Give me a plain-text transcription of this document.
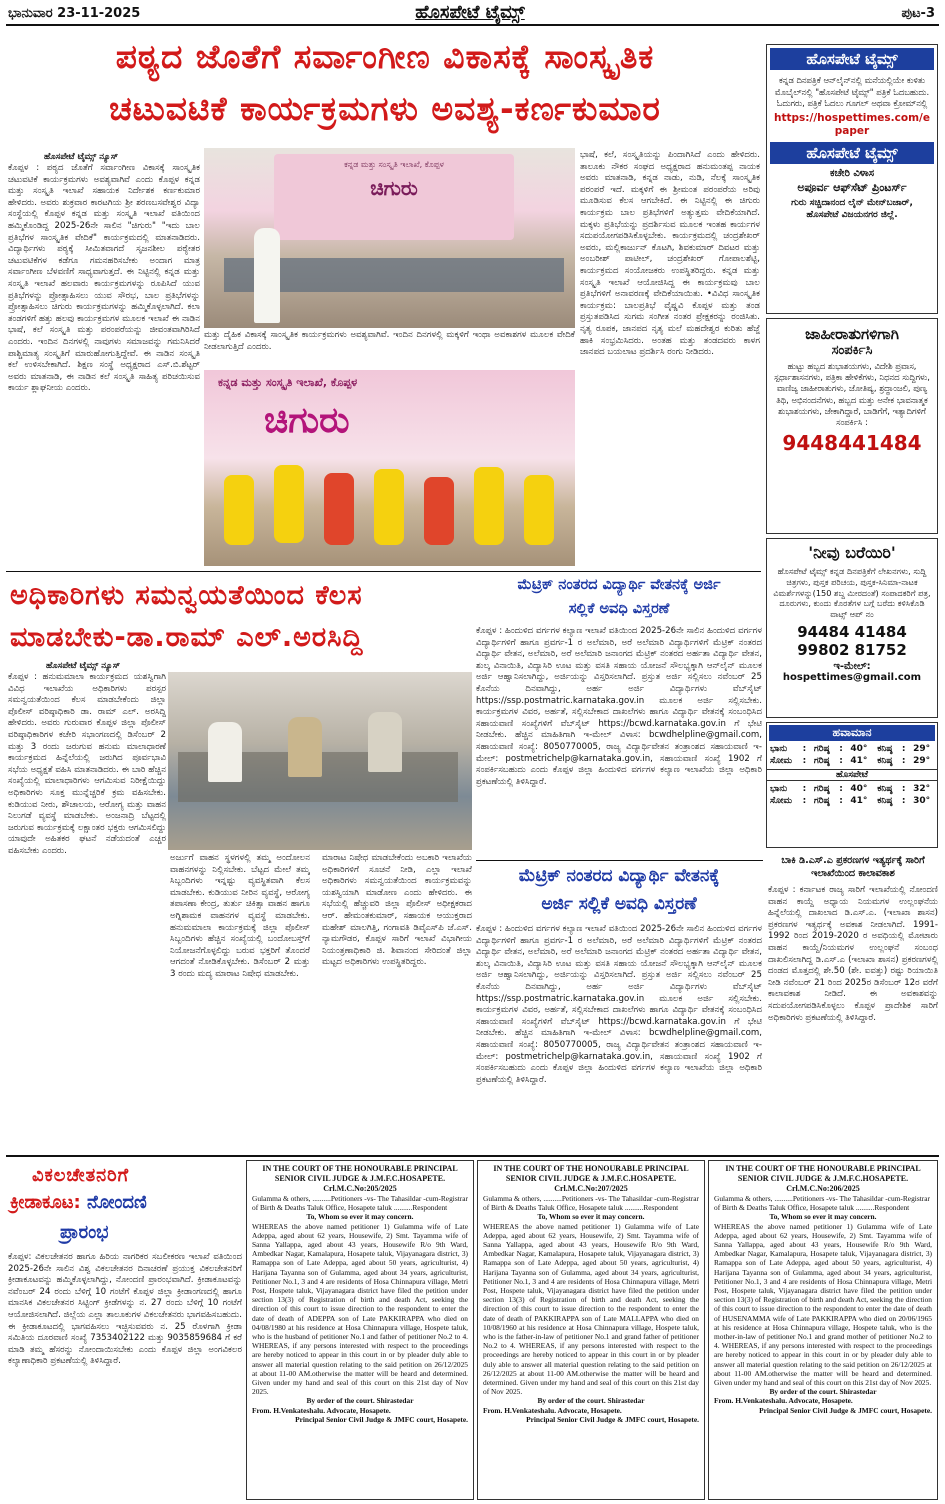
ಭಾನುವಾರ 23-11-2025	ಹೊಸಪೇಟೆ ಟೈಮ್ಸ್	ಪುಟ-3
ಪಠ್ಯದ ಜೊತೆಗೆ ಸರ್ವಾಂಗೀಣ ವಿಕಾಸಕ್ಕೆ ಸಾಂಸ್ಕೃತಿಕ
ಚಟುವಟಿಕೆ ಕಾರ್ಯಕ್ರಮಗಳು ಅವಶ್ಯ-ಕರ್ಣಕುಮಾರ
ಹೊಸಪೇಟೆ ಟೈಮ್ಸ್ ನ್ಯೂಸ್
ಕೊಪ್ಪಳ : ಪಠ್ಯದ ಜೊತೆಗೆ ಸರ್ವಾಂಗೀಣ ವಿಕಾಸಕ್ಕೆ ಸಾಂಸ್ಕೃತಿಕ ಚಟುವಟಿಕೆ ಕಾರ್ಯಕ್ರಮಗಳು ಅವಶ್ಯವಾಗಿವೆ ಎಂದು ಕೊಪ್ಪಳ ಕನ್ನಡ ಮತ್ತು ಸಂಸ್ಕೃತಿ ಇಲಾಖೆ ಸಹಾಯಕ ನಿರ್ದೇಶಕ ಕರ್ಣಕುಮಾರ ಹೇಳಿದರು. ಅವರು ಶುಕ್ರವಾರ ಕಾರಟಗಿಯ ಶ್ರೀ ಶರಣಬಸವೇಶ್ವರ ವಿದ್ಯಾ ಸಂಸ್ಥೆಯಲ್ಲಿ ಕೊಪ್ಪಳ ಕನ್ನಡ ಮತ್ತು ಸಂಸ್ಕೃತಿ ಇಲಾಖೆ ವತಿಯಿಂದ ಹಮ್ಮಿಕೊಂಡಿದ್ದ 2025-26ನೇ ಸಾಲಿನ "ಚಿಗುರು" "ಇದು ಬಾಲ ಪ್ರತಿಭೆಗಳ ಸಾಂಸ್ಕೃತಿಕ ವೇದಿಕೆ" ಕಾರ್ಯಕ್ರಮದಲ್ಲಿ ಮಾತನಾಡಿದರು. ವಿದ್ಯಾರ್ಥಿಗಳು ಪಠ್ಯಕ್ಕೆ ಸೀಮಿತವಾಗದೆ ಸೃಜನಶೀಲ ಪಠ್ಯೇತರ ಚಟುವಟಿಕೆಗಳ ಕಡೆಗೂ ಗಮನಹರಿಸಬೇಕು ಅಂದಾಗ ಮಾತ್ರ ಸರ್ವಾಂಗೀಣ ಬೆಳವಣಿಗೆ ಸಾಧ್ಯವಾಗುತ್ತದೆ. ಈ ನಿಟ್ಟಿನಲ್ಲಿ ಕನ್ನಡ ಮತ್ತು ಸಂಸ್ಕೃತಿ ಇಲಾಖೆ ಹಲವಾರು ಕಾರ್ಯಕ್ರಮಗಳನ್ನು ರೂಪಿಸಿದೆ ಯುವ ಪ್ರತಿಭೆಗಳನ್ನು ಪ್ರೋತ್ಸಾಹಿಸಲು ಯುವ ಸೌರಭ, ಬಾಲ ಪ್ರತಿಭೆಗಳನ್ನು ಪ್ರೋತ್ಸಾಹಿಸಲು ಚಿಗುರು ಕಾರ್ಯಕ್ರಮಗಳನ್ನು ಹಮ್ಮಿಕೊಳ್ಳಲಾಗಿದೆ. ಕಲಾ ತಂಡಗಳಿಗೆ ಹತ್ತು ಹಲವು ಕಾರ್ಯಕ್ರಮಗಳ ಮೂಲಕ ಇಲಾಖೆ ಈ ನಾಡಿನ ಭಾಷೆ, ಕಲೆ ಸಂಸ್ಕೃತಿ ಮತ್ತು ಪರಂಪರೆಯನ್ನು ಜೀವಂತವಾಗಿರಿಸಿದೆ ಎಂದರು. ಇಂದಿನ ದಿನಗಳಲ್ಲಿ ನಾವುಗಳು ಸಮಾಜವನ್ನು ಗಮನಿಸಿದರೆ ಪಾಶ್ಚಿಮಾತ್ಯ ಸಂಸ್ಕೃತಿಗೆ ಮಾರುಹೋಗುತ್ತಿದ್ದೇವೆ. ಈ ನಾಡಿನ ಸಂಸ್ಕೃತಿ ಕಲೆ ಉಳಿಸಬೇಕಾಗಿದೆ. ಶಿಕ್ಷಣ ಸಂಸ್ಥೆ ಅಧ್ಯಕ್ಷರಾದ ಎಸ್.ಬಿ.ಶೆಟ್ಟರ್ ಅವರು ಮಾತನಾಡಿ, ಈ ನಾಡಿನ ಕಲೆ ಸಂಸ್ಕೃತಿ ಸಾಹಿತ್ಯ ಪರಿಚಯಿಸುವ ಕಾರ್ಯ ಶ್ಲಾಘನೀಯ ಎಂದರು.
ಕನ್ನಡ ಮತ್ತು ಸಂಸ್ಕೃತಿ ಇಲಾಖೆ, ಕೊಪ್ಪಳ
ಚಿಗುರು
ಮತ್ತು ದೈಹಿಕ ವಿಕಾಸಕ್ಕೆ ಸಾಂಸ್ಕೃತಿಕ ಕಾರ್ಯಕ್ರಮಗಳು ಅವಶ್ಯವಾಗಿವೆ. ಇಂದಿನ ದಿನಗಳಲ್ಲಿ ಮಕ್ಕಳಿಗೆ ಇಂಥಾ ಅವಕಾಶಗಳ ಮೂಲಕ ವೇದಿಕೆ ನೀಡಲಾಗುತ್ತಿದೆ ಎಂದರು.
ಕನ್ನಡ ಮತ್ತು ಸಂಸ್ಕೃತಿ ಇಲಾಖೆ, ಕೊಪ್ಪಳ
ಚಿಗುರು
ಭಾಷೆ, ಕಲೆ, ಸಂಸ್ಕೃತಿಯನ್ನು ಪಿಂದಾಗಿಸಿದೆ ಎಂದು ಹೇಳಿದರು. ತಾಲೂಕು ನೌಕರ ಸಂಘದ ಅಧ್ಯಕ್ಷರಾದ ಹನುಮಂತಪ್ಪ ನಾಯಕ ಅವರು ಮಾತನಾಡಿ, ಕನ್ನಡ ನಾಡು, ನುಡಿ, ನೆಲಕ್ಕೆ ಸಾಂಸ್ಕೃತಿಕ ಪರಂಪರೆ ಇದೆ. ಮಕ್ಕಳಿಗೆ ಈ ಶ್ರೀಮಂತ ಪರಂಪರೆಯ ಅರಿವು ಮೂಡಿಸುವ ಕೆಲಸ ಆಗಬೇಕಿದೆ. ಈ ನಿಟ್ಟಿನಲ್ಲಿ ಈ ಚಿಗುರು ಕಾರ್ಯಕ್ರಮ ಬಾಲ ಪ್ರತಿಭೆಗಳಿಗೆ ಅತ್ಯುತ್ತಮ ವೇದಿಕೆಯಾಗಿದೆ. ಮಕ್ಕಳು ಪ್ರತಿಭೆಯನ್ನು ಪ್ರದರ್ಶಿಸುವ ಮೂಲಕ ಇಂತಹ ಕಾರ್ಯಗಳ ಸದುಪಯೋಗಪಡಿಸಿಕೊಳ್ಳಬೇಕು. ಕಾರ್ಯಕ್ರಮದಲ್ಲಿ ಚಂದ್ರಶೇಖರ್ ಅವರು, ಮಲ್ಲಿಕಾರ್ಜುನ್ ಕೊಟಗಿ, ಶಿವಕುಮಾರ್ ದಿವಟರ ಮತ್ತು ಅಂಬರೀಶ್ ಪಾಟೀಲ್, ಚಂದ್ರಶೇಖರ್ ಗೋಪಾಲಶೆಟ್ಟಿ, ಕಾರ್ಯಕ್ರಮದ ಸಂಯೋಜಕರು ಉಪಸ್ಥಿತರಿದ್ದರು. ಕನ್ನಡ ಮತ್ತು ಸಂಸ್ಕೃತಿ ಇಲಾಖೆ ಆಯೋಜಿಸಿದ್ದ ಈ ಕಾರ್ಯಕ್ರಮವು ಬಾಲ ಪ್ರತಿಭೆಗಳಿಗೆ ಅನಾವರಣಕ್ಕೆ ವೇದಿಕೆಯಾಯಿತು. •ವಿವಿಧ ಸಾಂಸ್ಕೃತಿಕ ಕಾರ್ಯಕ್ರಮ: ಬಾಲಪ್ರತಿಭೆ ವೈಷ್ಣವಿ ಕೊಪ್ಪಳ ಮತ್ತು ತಂಡ ಪ್ರಸ್ತುತಪಡಿಸಿದ ಸುಗಮ ಸಂಗೀತ ನಂತರ ಪ್ರೇಕ್ಷಕರನ್ನು ರಂಜಿಸಿತು. ನೃತ್ಯ ರೂಪಕ, ಜಾನಪದ ನೃತ್ಯ ಮಲೆ ಮಹದೇಶ್ವರ ಕುರಿತು ಹೆಜ್ಜೆ ಹಾಕಿ ಸಂಭ್ರಮಿಸಿದರು. ಅಂತಹ ಮತ್ತು ತಂಡದವರು ಕಾಳಗ ಜಾನಪದ ಬಯಲಾಟ ಪ್ರದರ್ಶಿಸಿ ರಂಗು ನೀಡಿದರು.
ಹೊಸಪೇಟೆ ಟೈಮ್ಸ್
ಕನ್ನಡ ದಿನಪತ್ರಿಕೆ ಆನ್‌ಲೈನ್‌ನಲ್ಲಿ ಮನೆಯಲ್ಲಿಯೇ ಕುಳಿತು ಮೊಬೈಲ್‌ನಲ್ಲಿ "ಹೊಸಪೇಟೆ ಟೈಮ್ಸ್" ಪತ್ರಿಕೆ ಓದಬಹುದು. ಓದುಗರು, ಪತ್ರಿಕೆ ಓದಲು ಗೂಗಲ್ ಅಥವಾ ಕ್ರೋಮ್‌ನಲ್ಲಿ
https://hospettimes.com/epaper
ಹೊಸಪೇಟೆ ಟೈಮ್ಸ್
ಕಚೇರಿ ವಿಳಾಸ
ಅಪೂರ್ವ ಆಫ್‌ಸೆಟ್ ಪ್ರಿಂಟರ್ಸ್
ಗುರು ಸಚ್ಚಿದಾನಂದ ಲೈನ್ ಮೇನ್‌ಬಜಾರ್, ಹೊಸಪೇಟೆ ವಿಜಯನಗರ ಜಿಲ್ಲೆ.
ಜಾಹೀರಾತುಗಳಿಗಾಗಿ
ಸಂಪರ್ಕಿಸಿ
ಹುಟ್ಟು ಹಬ್ಬದ ಶುಭಾಶಯಗಳು, ವಿದೇಶಿ ಪ್ರವಾಸ, ಸ್ಪರ್ಧಾಶಾಸನಗಳು, ಪತ್ರಿಕಾ ಹೇಳಿಕೆಗಳು, ನಿಧನದ ಸುದ್ದಿಗಳು, ವಾಣಿಜ್ಯ ಜಾಹೀರಾತುಗಳು, ಜೋತಿಷ್ಯ, ಶ್ರದ್ಧಾಂಜಲಿ, ಪುಣ್ಯ ತಿಥಿ, ಅಭಿನಂದನೆಗಳು, ಹಬ್ಬದ ಮತ್ತು ಅನೇಕ ಭಾವನಾತ್ಮಕ ಶುಭಾಶಯಗಳು, ಜೇಕಾಗಿದ್ದಾರೆ, ಬಾಡಿಗೆಗೆ, ಇತ್ಯಾದಿಗಳಿಗೆ ಸಂಪರ್ಕಿಸಿ :
9448441484
'ನೀವು ಬರೆಯಿರಿ'
ಹೊಸಪೇಟೆ ಟೈಮ್ಸ್ ಕನ್ನಡ ದಿನಪತ್ರಿಕೆಗೆ ಲೇಖನಗಳು, ಸುದ್ದಿ ಚಿತ್ರಗಳು, ಪುಸ್ತಕ ಪರಿಚಯ, ಪುಸ್ತಕ-ಸಿನಿಮಾ-ನಾಟಕ ವಿಮರ್ಶೆಗಳನ್ನು(150 ಶಬ್ದ ಮೀರದಂತೆ) ಸಂಪಾದಕರಿಗೆ ಪತ್ರ, ದೂರುಗಳು, ಕುಂದು ಕೊರತೆಗಳ ಬಗ್ಗೆ ಬರೆದು ಕಳಿಸಿಕೊಡಿ ವಾಟ್ಸ್ ಆಪ್ ನಂ
94484 41484
99802 81752
ಇ-ಮೇಲ್: hospettimes@gmail.com
ಹವಾಮಾನ
ಭಾನು	:	ಗರಿಷ್ಠ	:	40°	ಕನಿಷ್ಠ	:	29°
ಸೋಮ	:	ಗರಿಷ್ಠ	:	41°	ಕನಿಷ್ಠ	:	29°
ಹೊಸಪೇಟೆ
ಭಾನು	:	ಗರಿಷ್ಠ	:	40°	ಕನಿಷ್ಠ	:	32°
ಸೋಮ	:	ಗರಿಷ್ಠ	:	41°	ಕನಿಷ್ಠ	:	30°
ಅಧಿಕಾರಿಗಳು ಸಮನ್ವಯತೆಯಿಂದ ಕೆಲಸ
ಮಾಡಬೇಕು-ಡಾ.ರಾಮ್ ಎಲ್.ಅರಸಿದ್ದಿ
ಹೊಸಪೇಟೆ ಟೈಮ್ಸ್ ನ್ಯೂಸ್
ಕೊಪ್ಪಳ : ಹನುಮಮಾಲಾ ಕಾರ್ಯಕ್ರಮದ ಯಶಸ್ವಿಗಾಗಿ ವಿವಿಧ ಇಲಾಖೆಯ ಅಧಿಕಾರಿಗಳು ಪರಸ್ಪರ ಸಮನ್ವಯತೆಯಿಂದ ಕೆಲಸ ಮಾಡಬೇಕೆಂದು ಜಿಲ್ಲಾ ಪೊಲೀಸ್ ವರಿಷ್ಠಾಧಿಕಾರಿ ಡಾ. ರಾಮ್ ಎಲ್. ಅರಸಿದ್ದಿ ಹೇಳಿದರು. ಅವರು ಗುರುವಾರ ಕೊಪ್ಪಳ ಜಿಲ್ಲಾ ಪೊಲೀಸ್ ವರಿಷ್ಠಾಧಿಕಾರಿಗಳ ಕಚೇರಿ ಸಭಾಂಗಣದಲ್ಲಿ ಡಿಸೆಂಬರ್ 2 ಮತ್ತು 3 ರಂದು ಜರುಗುವ ಹನುಮ ಮಾಲಾಧಾರಣೆ ಕಾರ್ಯಕ್ರಮದ ಹಿನ್ನೆಲೆಯಲ್ಲಿ ಜರುಗಿದ ಪೂರ್ವಭಾವಿ ಸಭೆಯ ಅಧ್ಯಕ್ಷತೆ ವಹಿಸಿ ಮಾತನಾಡಿದರು. ಈ ಬಾರಿ ಹೆಚ್ಚಿನ ಸಂಖ್ಯೆಯಲ್ಲಿ ಮಾಲಾಧಾರಿಗಳು ಆಗಮಿಸುವ ನಿರೀಕ್ಷೆಯಿದ್ದು ಅಧಿಕಾರಿಗಳು ಸೂಕ್ತ ಮುನ್ನೆಚ್ಚರಿಕೆ ಕ್ರಮ ವಹಿಸಬೇಕು. ಕುಡಿಯುವ ನೀರು, ಶೌಚಾಲಯ, ಆರೋಗ್ಯ ಮತ್ತು ವಾಹನ ನಿಲುಗಡೆ ವ್ಯವಸ್ಥೆ ಮಾಡಬೇಕು. ಅಂಜನಾದ್ರಿ ಬೆಟ್ಟದಲ್ಲಿ ಜರುಗುವ ಕಾರ್ಯಕ್ರಮಕ್ಕೆ ಲಕ್ಷಾಂತರ ಭಕ್ತರು ಆಗಮಿಸಲಿದ್ದು ಯಾವುದೇ ಅಹಿತಕರ ಘಟನೆ ನಡೆಯದಂತೆ ಎಚ್ಚರ ವಹಿಸಬೇಕು ಎಂದರು.
ಅರ್ಜುಗೆ ವಾಹನ ಸ್ಥಳಗಳಲ್ಲಿ ತಮ್ಮ ಅಂದೋಲನ ವಾಹನಗಳನ್ನು ನಿಲ್ಲಿಸಬೇಕು. ಬೆಟ್ಟದ ಮೇಲೆ ತಮ್ಮ ಸಿಬ್ಬಂದಿಗಳು ಇನ್ನಷ್ಟು ವ್ಯವಸ್ಥಿತವಾಗಿ ಕೆಲಸ ಮಾಡಬೇಕು. ಕುಡಿಯುವ ನೀರಿನ ವ್ಯವಸ್ಥೆ, ಆರೋಗ್ಯ ತಪಾಸಣಾ ಕೇಂದ್ರ, ತುರ್ತು ಚಿಕಿತ್ಸಾ ವಾಹನ ಹಾಗೂ ಅಗ್ನಿಶಾಮಕ ವಾಹನಗಳ ವ್ಯವಸ್ಥೆ ಮಾಡಬೇಕು. ಹನುಮಮಾಲಾ ಕಾರ್ಯಕ್ರಮಕ್ಕೆ ಜಿಲ್ಲಾ ಪೊಲೀಸ್ ಸಿಬ್ಬಂದಿಗಳು ಹೆಚ್ಚಿನ ಸಂಖ್ಯೆಯಲ್ಲಿ ಬಂದೋಬಸ್ತ್‌ಗೆ ನಿಯೋಜನೆಗೊಳ್ಳಲಿದ್ದು ಬರುವ ಭಕ್ತರಿಗೆ ತೊಂದರೆ ಆಗದಂತೆ ನೋಡಿಕೊಳ್ಳಬೇಕು. ಡಿಸೆಂಬರ್ 2 ಮತ್ತು 3 ರಂದು ಮದ್ಯ ಮಾರಾಟ ನಿಷೇಧ ಮಾಡಬೇಕು.
ಮಾರಾಟ ನಿಷೇಧ ಮಾಡಬೇಕೆಂದು ಅಬಕಾರಿ ಇಲಾಖೆಯ ಅಧಿಕಾರಿಗಳಿಗೆ ಸೂಚನೆ ನೀಡಿ, ಎಲ್ಲಾ ಇಲಾಖೆ ಅಧಿಕಾರಿಗಳು ಸಮನ್ವಯತೆಯಿಂದ ಕಾರ್ಯಕ್ರಮವನ್ನು ಯಶಸ್ವಿಯಾಗಿ ಮಾಡೋಣ ಎಂದು ಹೇಳಿದರು. ಈ ಸಭೆಯಲ್ಲಿ ಹೆಚ್ಚುವರಿ ಜಿಲ್ಲಾ ಪೊಲೀಸ್ ಅಧೀಕ್ಷಕರಾದ ಆರ್. ಹೇಮಂತಕುಮಾರ್, ಸಹಾಯಕ ಆಯುಕ್ತರಾದ ಮಹೇಶ್ ಮಾಲಗಿತ್ತಿ, ಗಂಗಾವತಿ ಡಿವೈಎಸ್‌ಪಿ ಜೆ.ಎಸ್. ನ್ಯಾಮಗೌಡರ, ಕೊಪ್ಪಳ ಸಾರಿಗೆ ಇಲಾಖೆ ವಿಭಾಗೀಯ ನಿಯಂತ್ರಣಾಧಿಕಾರಿ ಜಿ. ಶಿವಾನಂದ ಸೇರಿದಂತೆ ಜಿಲ್ಲಾ ಮಟ್ಟದ ಅಧಿಕಾರಿಗಳು ಉಪಸ್ಥಿತರಿದ್ದರು.
ಮೆಟ್ರಿಕ್ ನಂತರದ ವಿದ್ಯಾರ್ಥಿ ವೇತನಕ್ಕೆ ಅರ್ಜಿ
ಸಲ್ಲಿಕೆ ಅವಧಿ ವಿಸ್ತರಣೆ
ಕೊಪ್ಪಳ : ಹಿಂದುಳಿದ ವರ್ಗಗಳ ಕಲ್ಯಾಣ ಇಲಾಖೆ ವತಿಯಿಂದ 2025-26ನೇ ಸಾಲಿನ ಹಿಂದುಳಿದ ವರ್ಗಗಳ ವಿದ್ಯಾರ್ಥಿಗಳಿಗೆ ಹಾಗೂ ಪ್ರವರ್ಗ-1 ರ ಅಲೆಮಾರಿ, ಅರೆ ಅಲೆಮಾರಿ ವಿದ್ಯಾರ್ಥಿಗಳಿಗೆ ಮೆಟ್ರಿಕ್ ನಂತರದ ವಿದ್ಯಾರ್ಥಿ ವೇತನ, ಅಲೆಮಾರಿ, ಅರೆ ಅಲೆಮಾರಿ ಜನಾಂಗದ ಮೆಟ್ರಿಕ್ ನಂತರದ ಅರ್ಹತಾ ವಿದ್ಯಾರ್ಥಿ ವೇತನ, ಶುಲ್ಕ ವಿನಾಯಿತಿ, ವಿದ್ಯಾಸಿರಿ ಊಟ ಮತ್ತು ವಸತಿ ಸಹಾಯ ಯೋಜನೆ ಸೌಲಭ್ಯಕ್ಕಾಗಿ ಆನ್‌ಲೈನ್ ಮೂಲಕ ಅರ್ಜಿ ಆಹ್ವಾನಿಸಲಾಗಿದ್ದು, ಅರ್ಜಿಯನ್ನು ವಿಸ್ತರಿಸಲಾಗಿದೆ. ಪ್ರಸ್ತುತ ಅರ್ಜಿ ಸಲ್ಲಿಸಲು ನವೆಂಬರ್ 25 ಕೊನೆಯ ದಿನವಾಗಿದ್ದು, ಅರ್ಹ ಅರ್ಜಿ ವಿದ್ಯಾರ್ಥಿಗಳು ವೆಬ್‌ಸೈಟ್ https://ssp.postmatric.karnataka.gov.in ಮೂಲಕ ಅರ್ಜಿ ಸಲ್ಲಿಸಬೇಕು. ಕಾರ್ಯಕ್ರಮಗಳ ವಿವರ, ಅರ್ಹತೆ, ಸಲ್ಲಿಸಬೇಕಾದ ದಾಖಲೆಗಳು ಹಾಗೂ ವಿದ್ಯಾರ್ಥಿ ವೇತನಕ್ಕೆ ಸಂಬಂಧಿಸಿದ ಸಹಾಯವಾಣಿ ಸಂಖ್ಯೆಗಳಿಗೆ ವೆಬ್‌ಸೈಟ್ https://bcwd.karnataka.gov.in ಗೆ ಭೇಟಿ ನೀಡಬೇಕು. ಹೆಚ್ಚಿನ ಮಾಹಿತಿಗಾಗಿ ಇ-ಮೇಲ್ ವಿಳಾಸ: bcwdhelpline@gmail.com, ಸಹಾಯವಾಣಿ ಸಂಖ್ಯೆ: 8050770005, ರಾಜ್ಯ ವಿದ್ಯಾರ್ಥಿವೇತನ ತಂತ್ರಾಂಶದ ಸಹಾಯವಾಣಿ ಇ-ಮೇಲ್: postmetrichelp@karnataka.gov.in, ಸಹಾಯವಾಣಿ ಸಂಖ್ಯೆ 1902 ಗೆ ಸಂಪರ್ಕಿಸಬಹುದು ಎಂದು ಕೊಪ್ಪಳ ಜಿಲ್ಲಾ ಹಿಂದುಳಿದ ವರ್ಗಗಳ ಕಲ್ಯಾಣ ಇಲಾಖೆಯ ಜಿಲ್ಲಾ ಅಧಿಕಾರಿ ಪ್ರಕಟಣೆಯಲ್ಲಿ ತಿಳಿಸಿದ್ದಾರೆ.
ಮೆಟ್ರಿಕ್ ನಂತರದ ವಿದ್ಯಾರ್ಥಿ ವೇತನಕ್ಕೆ
ಅರ್ಜಿ ಸಲ್ಲಿಕೆ ಅವಧಿ ವಿಸ್ತರಣೆ
ಕೊಪ್ಪಳ : ಹಿಂದುಳಿದ ವರ್ಗಗಳ ಕಲ್ಯಾಣ ಇಲಾಖೆ ವತಿಯಿಂದ 2025-26ನೇ ಸಾಲಿನ ಹಿಂದುಳಿದ ವರ್ಗಗಳ ವಿದ್ಯಾರ್ಥಿಗಳಿಗೆ ಹಾಗೂ ಪ್ರವರ್ಗ-1 ರ ಅಲೆಮಾರಿ, ಅರೆ ಅಲೆಮಾರಿ ವಿದ್ಯಾರ್ಥಿಗಳಿಗೆ ಮೆಟ್ರಿಕ್ ನಂತರದ ವಿದ್ಯಾರ್ಥಿ ವೇತನ, ಅಲೆಮಾರಿ, ಅರೆ ಅಲೆಮಾರಿ ಜನಾಂಗದ ಮೆಟ್ರಿಕ್ ನಂತರದ ಅರ್ಹತಾ ವಿದ್ಯಾರ್ಥಿ ವೇತನ, ಶುಲ್ಕ ವಿನಾಯಿತಿ, ವಿದ್ಯಾಸಿರಿ ಊಟ ಮತ್ತು ವಸತಿ ಸಹಾಯ ಯೋಜನೆ ಸೌಲಭ್ಯಕ್ಕಾಗಿ ಆನ್‌ಲೈನ್ ಮೂಲಕ ಅರ್ಜಿ ಆಹ್ವಾನಿಸಲಾಗಿದ್ದು, ಅರ್ಜಿಯನ್ನು ವಿಸ್ತರಿಸಲಾಗಿದೆ. ಪ್ರಸ್ತುತ ಅರ್ಜಿ ಸಲ್ಲಿಸಲು ನವೆಂಬರ್ 25 ಕೊನೆಯ ದಿನವಾಗಿದ್ದು, ಅರ್ಹ ಅರ್ಜಿ ವಿದ್ಯಾರ್ಥಿಗಳು ವೆಬ್‌ಸೈಟ್ https://ssp.postmatric.karnataka.gov.in ಮೂಲಕ ಅರ್ಜಿ ಸಲ್ಲಿಸಬೇಕು. ಕಾರ್ಯಕ್ರಮಗಳ ವಿವರ, ಅರ್ಹತೆ, ಸಲ್ಲಿಸಬೇಕಾದ ದಾಖಲೆಗಳು ಹಾಗೂ ವಿದ್ಯಾರ್ಥಿ ವೇತನಕ್ಕೆ ಸಂಬಂಧಿಸಿದ ಸಹಾಯವಾಣಿ ಸಂಖ್ಯೆಗಳಿಗೆ ವೆಬ್‌ಸೈಟ್ https://bcwd.karnataka.gov.in ಗೆ ಭೇಟಿ ನೀಡಬೇಕು. ಹೆಚ್ಚಿನ ಮಾಹಿತಿಗಾಗಿ ಇ-ಮೇಲ್ ವಿಳಾಸ: bcwdhelpline@gmail.com, ಸಹಾಯವಾಣಿ ಸಂಖ್ಯೆ: 8050770005, ರಾಜ್ಯ ವಿದ್ಯಾರ್ಥಿವೇತನ ತಂತ್ರಾಂಶದ ಸಹಾಯವಾಣಿ ಇ-ಮೇಲ್: postmetrichelp@karnataka.gov.in, ಸಹಾಯವಾಣಿ ಸಂಖ್ಯೆ 1902 ಗೆ ಸಂಪರ್ಕಿಸಬಹುದು ಎಂದು ಕೊಪ್ಪಳ ಜಿಲ್ಲಾ ಹಿಂದುಳಿದ ವರ್ಗಗಳ ಕಲ್ಯಾಣ ಇಲಾಖೆಯ ಜಿಲ್ಲಾ ಅಧಿಕಾರಿ ಪ್ರಕಟಣೆಯಲ್ಲಿ ತಿಳಿಸಿದ್ದಾರೆ.
ಬಾಕಿ ಡಿ.ಎಸ್.ಎ ಪ್ರಕರಣಗಳ ಇತ್ಯರ್ಥಕ್ಕೆ ಸಾರಿಗೆ ಇಲಾಖೆಯಿಂದ ಕಾಲಾವಕಾಶ
ಕೊಪ್ಪಳ : ಕರ್ನಾಟಕ ರಾಜ್ಯ ಸಾರಿಗೆ ಇಲಾಖೆಯಲ್ಲಿ ನೋಂದಣಿ ವಾಹನ ಕಾಯ್ದೆ ಅಧ್ಯಾಯ ನಿಯಮಗಳ ಉಲ್ಲಂಘನೆಯ ಹಿನ್ನೆಲೆಯಲ್ಲಿ ದಾಖಲಾದ ಡಿ.ಎಸ್.ಎ. (ಇಲಾಖಾ ಶಾಸನ) ಪ್ರಕರಣಗಳ ಇತ್ಯರ್ಥಕ್ಕೆ ಅವಕಾಶ ನೀಡಲಾಗಿದೆ. 1991-1992 ರಿಂದ 2019-2020 ರ ಅವಧಿಯಲ್ಲಿ ಮೋಟಾರು ವಾಹನ ಕಾಯ್ದೆ/ನಿಯಮಗಳ ಉಲ್ಲಂಘನೆ ಸಂಬಂಧ ದಾಖಲಿಸಲಾಗಿದ್ದ ಡಿ.ಎಸ್.ಎ (ಇಲಾಖಾ ಶಾಸನ) ಪ್ರಕರಣಗಳಲ್ಲಿ ದಂಡದ ಮೊತ್ತದಲ್ಲಿ ಶೇ.50 (ಶೇ. ಐವತ್ತು) ರಷ್ಟು ರಿಯಾಯಿತಿ ನೀಡಿ ನವೆಂಬರ್ 21 ರಿಂದ 2025ರ ಡಿಸೆಂಬರ್ 12ರ ವರೆಗೆ ಕಾಲಾವಕಾಶ ನೀಡಿದೆ. ಈ ಅವಕಾಶವನ್ನು ಸದುಪಯೋಗಪಡಿಸಿಕೊಳ್ಳಲು ಕೊಪ್ಪಳ ಪ್ರಾದೇಶಿಕ ಸಾರಿಗೆ ಅಧಿಕಾರಿಗಳು ಪ್ರಕಟಣೆಯಲ್ಲಿ ತಿಳಿಸಿದ್ದಾರೆ.
ವಿಕಲಚೇತನರಿಗೆ
ಕ್ರೀಡಾಕೂಟ: ನೋಂದಣಿ
ಪ್ರಾರಂಭ
ಕೊಪ್ಪಳ: ವಿಕಲಚೇತನರ ಹಾಗೂ ಹಿರಿಯ ನಾಗರಿಕರ ಸಬಲೀಕರಣ ಇಲಾಖೆ ವತಿಯಿಂದ 2025-26ನೇ ಸಾಲಿನ ವಿಶ್ವ ವಿಕಲಚೇತನರ ದಿನಾಚರಣೆ ಪ್ರಯುಕ್ತ ವಿಕಲಚೇತನರಿಗೆ ಕ್ರೀಡಾಕೂಟವನ್ನು ಹಮ್ಮಿಕೊಳ್ಳಲಾಗಿದ್ದು, ನೋಂದಣಿ ಪ್ರಾರಂಭವಾಗಿದೆ. ಕ್ರೀಡಾಕೂಟವನ್ನು ನವೆಂಬರ್ 24 ರಂದು ಬೆಳಿಗ್ಗೆ 10 ಗಂಟೆಗೆ ಕೊಪ್ಪಳ ಜಿಲ್ಲಾ ಕ್ರೀಡಾಂಗಣದಲ್ಲಿ ಹಾಗೂ ಮಾನಸಿಕ ವಿಕಲಚೇತನರ ಸಿಟ್ಟಿಂಗ್ ಕ್ರೀಡೆಗಳನ್ನು ನ. 27 ರಂದು ಬೆಳಿಗ್ಗೆ 10 ಗಂಟೆಗೆ ಆಯೋಜಿಸಲಾಗಿದೆ. ಜಿಲ್ಲೆಯ ಎಲ್ಲಾ ತಾಲೂಕುಗಳ ವಿಕಲಚೇತನರು ಭಾಗವಹಿಸಬಹುದು. ಈ ಕ್ರೀಡಾಕೂಟದಲ್ಲಿ ಭಾಗವಹಿಸಲು ಇಚ್ಛಿಸುವವರು ನ. 25 ರೊಳಗಾಗಿ ಕ್ರೀಡಾ ಸಮಿತಿಯ ದೂರವಾಣಿ ಸಂಖ್ಯೆ 7353402122 ಮತ್ತು 9035859684 ಗೆ ಕರೆ ಮಾಡಿ ತಮ್ಮ ಹೆಸರನ್ನು ನೋಂದಾಯಿಸಬೇಕು ಎಂದು ಕೊಪ್ಪಳ ಜಿಲ್ಲಾ ಅಂಗವಿಕಲರ ಕಲ್ಯಾಣಾಧಿಕಾರಿ ಪ್ರಕಟಣೆಯಲ್ಲಿ ತಿಳಿಸಿದ್ದಾರೆ.
IN THE COURT OF THE HONOURABLE PRINCIPAL SENIOR CIVIL JUDGE & J.M.F.C.HOSAPETE.
Crl.M.C.No:205/2025
Gulamma & others, ..........Petitioners -vs- The Tahasildar -cum-Registrar of Birth & Deaths Taluk Office, Hosapete taluk ..........Respondent
To, Whom so ever it may concern.
WHEREAS the above named petitioner 1) Gulamma wife of Late Adeppa, aged about 62 years, Housewife, 2) Smt. Tayamma wife of Sanna Yallappa, aged about 43 years, Housewife R/o 9th Ward, Ambedkar Nagar, Kamalapura, Hosapete taluk, Vijayanagara district, 3) Ramappa son of Late Adeppa, aged about 50 years, agriculturist, 4) Harijana Tayanna son of Gulamma, aged about 34 years, agriculturist, Petitioner No.1, 3 and 4 are residents of Hosa Chinnapura village, Metri Post, Hospete taluk, Vijayanagara district have filed the petition under section 13(3) of Registration of birth and death Act, seeking the direction of this court to issue direction to the respondent to enter the date of death of ADEPPA son of Late PAKKIRAPPA who died on 04/08/1980 at his residence at Hosa Chinnapura village, Hospete taluk, who is the husband of petitioner No.1 and father of petitioner No.2 to 4. WHEREAS, if any persons interested with respect to the proceedings are hereby noticed to appear in this court in or by pleader duly able to answer all material question relating to the said petition on 26/12/2025 at about 11-00 AM.otherwise the matter will be heard and determined. Given under my hand and seal of this court on this 21st day of Nov 2025.
By order of the court. Shirastedar
From. H.Venkateshalu. Advocate, Hosapete.
Principal Senior Civil Judge & JMFC court, Hosapete.
IN THE COURT OF THE HONOURABLE PRINCIPAL SENIOR CIVIL JUDGE & J.M.F.C.HOSAPETE.
Crl.M.C.No:207/2025
Gulamma & others, ..........Petitioners -vs- The Tahasildar -cum-Registrar of Birth & Deaths Taluk Office, Hosapete taluk ..........Respondent
To, Whom so ever it may concern.
WHEREAS the above named petitioner 1) Gulamma wife of Late Adeppa, aged about 62 years, Housewife, 2) Smt. Tayamma wife of Sanna Yallappa, aged about 43 years, Housewife R/o 9th Ward, Ambedkar Nagar, Kamalapura, Hosapete taluk, Vijayanagara district, 3) Ramappa son of Late Adeppa, aged about 50 years, agriculturist, 4) Harijana Tayanna son of Gulamma, aged about 34 years, agriculturist, Petitioner No.1, 3 and 4 are residents of Hosa Chinnapura village, Metri Post, Hospete taluk, Vijayanagara district have filed the petition under section 13(3) of Registration of birth and death Act, seeking the direction of this court to issue direction to the respondent to enter the date of death of PAKKIRAPPA son of Late MALLAPPA who died on 10/08/1960 at his residence at Hosa Chinnapura village, Hospete taluk, who is the father-in-law of petitioner No.1 and grand father of petitioner No.2 to 4. WHEREAS, if any persons interested with respect to the proceedings are hereby noticed to appear in this court in or by pleader duly able to answer all material question relating to the said petition on 26/12/2025 at about 11-00 AM.otherwise the matter will be heard and determined. Given under my hand and seal of this court on this 21st day of Nov 2025.
By order of the court. Shirastedar
From. H.Venkateshalu. Advocate, Hosapete.
Principal Senior Civil Judge & JMFC court, Hosapete.
IN THE COURT OF THE HONOURABLE PRINCIPAL SENIOR CIVIL JUDGE & J.M.F.C.HOSAPETE.
Crl.M.C.No:206/2025
Gulamma & others, ..........Petitioners -vs- The Tahasildar -cum-Registrar of Birth & Deaths Taluk Office, Hosapete taluk ..........Respondent
To, Whom so ever it may concern.
WHEREAS the above named petitioner 1) Gulamma wife of Late Adeppa, aged about 62 years, Housewife, 2) Smt. Tayamma wife of Sanna Yallappa, aged about 43 years, Housewife R/o 9th Ward, Ambedkar Nagar, Kamalapura, Hosapete taluk, Vijayanagara district, 3) Ramappa son of Late Adeppa, aged about 50 years, agriculturist, 4) Harijana Tayanna son of Gulamma, aged about 34 years, agriculturist, Petitioner No.1, 3 and 4 are residents of Hosa Chinnapura village, Metri Post, Hospete taluk, Vijayanagara district have filed the petition under section 13(3) of Registration of birth and death Act, seeking the direction of this court to issue direction to the respondent to enter the date of death of HUSENAMMA wife of Late PAKKIRAPPA who died on 20/06/1965 at his residence at Hosa Chinnapura village, Hospete taluk, who is the mother-in-law of petitioner No.1 and grand mother of petitioner No.2 to 4. WHEREAS, if any persons interested with respect to the proceedings are hereby noticed to appear in this court in or by pleader duly able to answer all material question relating to the said petition on 26/12/2025 at about 11-00 AM.otherwise the matter will be heard and determined. Given under my hand and seal of this court on this 21st day of Nov 2025.
By order of the court. Shirastedar
From. H.Venkateshalu. Advocate, Hosapete.
Principal Senior Civil Judge & JMFC court, Hosapete.
